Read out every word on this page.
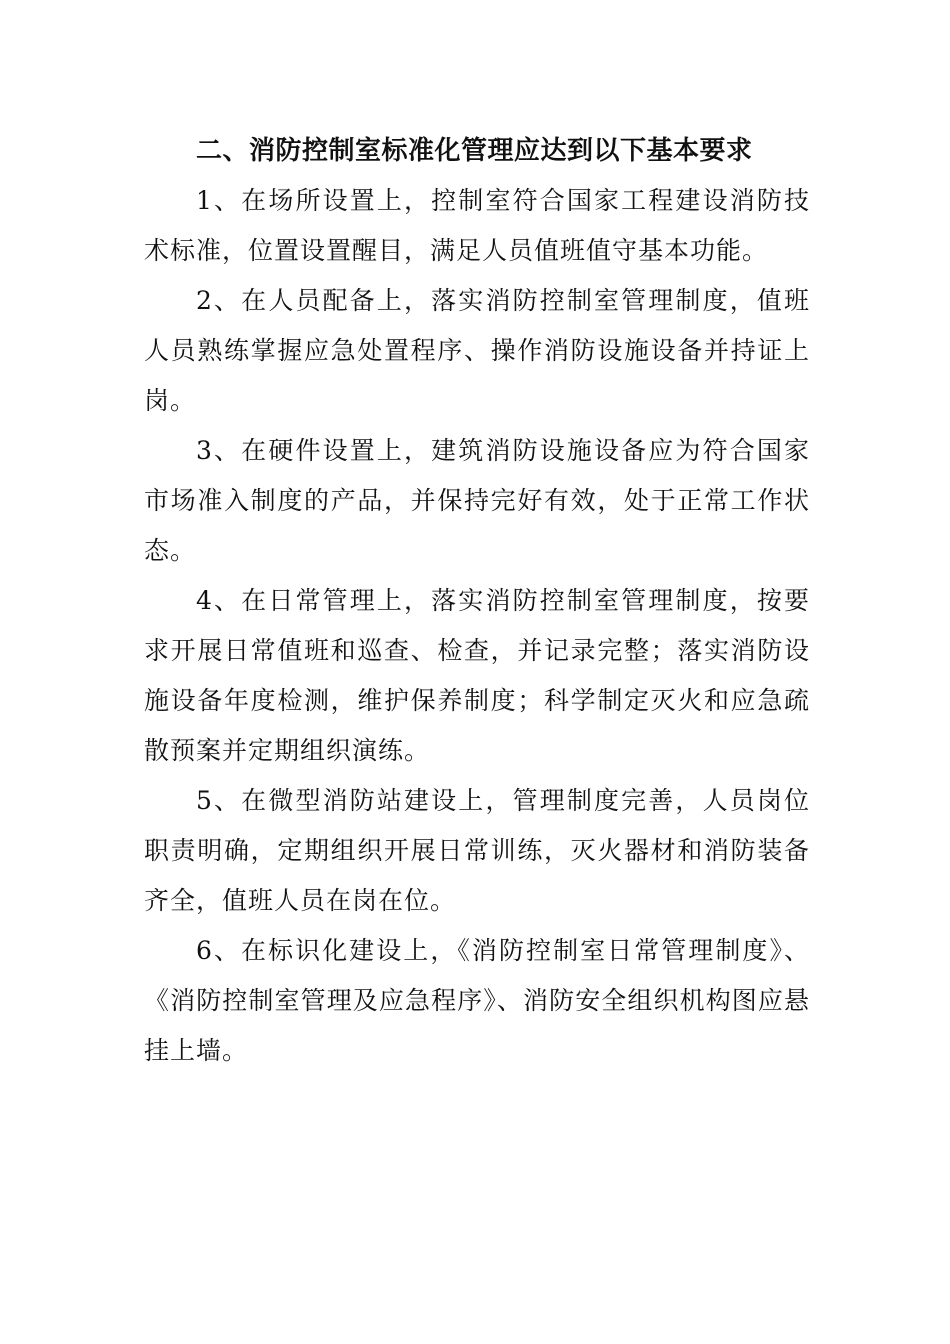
二、消防控制室标准化管理应达到以下基本要求

1、在场所设置上，控制室符合国家工程建设消防技术标准，位置设置醒目，满足人员值班值守基本功能。

2、在人员配备上，落实消防控制室管理制度，值班人员熟练掌握应急处置程序、操作消防设施设备并持证上岗。

3、在硬件设置上，建筑消防设施设备应为符合国家市场准入制度的产品，并保持完好有效，处于正常工作状态。

4、在日常管理上，落实消防控制室管理制度，按要求开展日常值班和巡查、检查，并记录完整；落实消防设施设备年度检测，维护保养制度；科学制定灭火和应急疏散预案并定期组织演练。

5、在微型消防站建设上，管理制度完善，人员岗位职责明确，定期组织开展日常训练，灭火器材和消防装备齐全，值班人员在岗在位。

6、在标识化建设上，《消防控制室日常管理制度》、《消防控制室管理及应急程序》、消防安全组织机构图应悬挂上墙。
